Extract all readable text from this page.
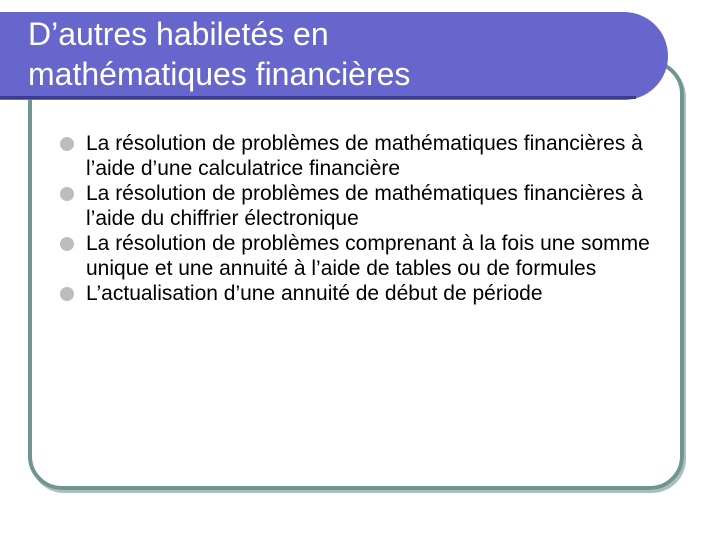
D’autres habiletés en
mathématiques financières
La résolution de problèmes de mathématiques financières à l’aide d’une calculatrice financière
La résolution de problèmes de mathématiques financières à l’aide du chiffrier électronique
La résolution de problèmes comprenant à la fois une somme unique et une annuité à l’aide de tables ou de formules
L’actualisation d’une annuité de début de période
